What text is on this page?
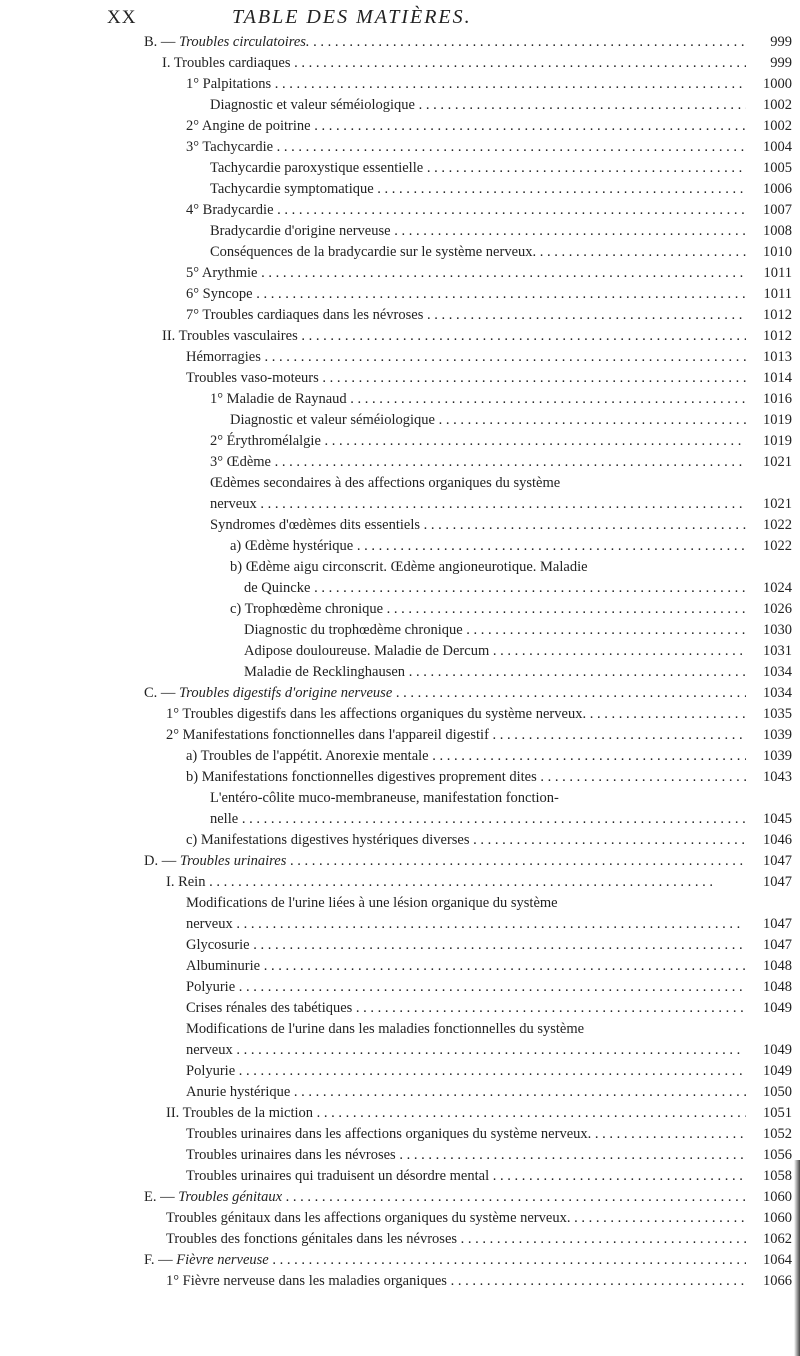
XX	TABLE DES MATIÈRES.
B. — Troubles circulatoires. . . .	999
I. Troubles cardiaques . . .	999
1° Palpitations . . .	1000
Diagnostic et valeur séméiologique . . .	1002
2° Angine de poitrine . . .	1002
3° Tachycardie . . .	1004
Tachycardie paroxystique essentielle . . .	1005
Tachycardie symptomatique . . .	1006
4° Bradycardie . . .	1007
Bradycardie d'origine nerveuse . . .	1008
Conséquences de la bradycardie sur le système nerveux. . . . . .	1010
5° Arythmie . . .	1011
6° Syncope . . .	1011
7° Troubles cardiaques dans les névroses . . .	1012
II. Troubles vasculaires . . .	1012
Hémorragies . . .	1013
Troubles vaso-moteurs . . .	1014
1° Maladie de Raynaud . . .	1016
Diagnostic et valeur séméiologique . . .	1019
2° Érythromélalgie . . .	1019
3° Œdème . . .	1021
Œdèmes secondaires à des affections organiques du système
nerveux . . .	1021
Syndromes d'œdèmes dits essentiels . . .	1022
a) Œdème hystérique . . .	1022
b) Œdème aigu circonscrit. Œdème angioneurotique. Maladie
de Quincke . . .	1024
c) Trophœdème chronique . . .	1026
Diagnostic du trophœdème chronique . . .	1030
Adipose douloureuse. Maladie de Dercum . . .	1031
Maladie de Recklinghausen . . .	1034
C. — Troubles digestifs d'origine nerveuse . . .	1034
1° Troubles digestifs dans les affections organiques du système nerveux. . . .	1035
2° Manifestations fonctionnelles dans l'appareil digestif . . .	1039
a) Troubles de l'appétit. Anorexie mentale . . .	1039
b) Manifestations fonctionnelles digestives proprement dites . . . . .	1043
L'entéro-côlite muco-membraneuse, manifestation fonction-
nelle . . .	1045
c) Manifestations digestives hystériques diverses . . .	1046
D. — Troubles urinaires . . .	1047
I. Rein . . .	1047
Modifications de l'urine liées à une lésion organique du système
nerveux . . .	1047
Glycosurie . . .	1047
Albuminurie . . .	1048
Polyurie . . .	1048
Crises rénales des tabétiques . . .	1049
Modifications de l'urine dans les maladies fonctionnelles du système
nerveux . . .	1049
Polyurie . . .	1049
Anurie hystérique . . .	1050
II. Troubles de la miction . . .	1051
Troubles urinaires dans les affections organiques du système nerveux. . . .	1052
Troubles urinaires dans les névroses . . .	1056
Troubles urinaires qui traduisent un désordre mental . . .	1058
E. — Troubles génitaux . . .	1060
Troubles génitaux dans les affections organiques du système nerveux. . . .	1060
Troubles des fonctions génitales dans les névroses . . .	1062
F. — Fièvre nerveuse . . .	1064
1° Fièvre nerveuse dans les maladies organiques . . .	1066
